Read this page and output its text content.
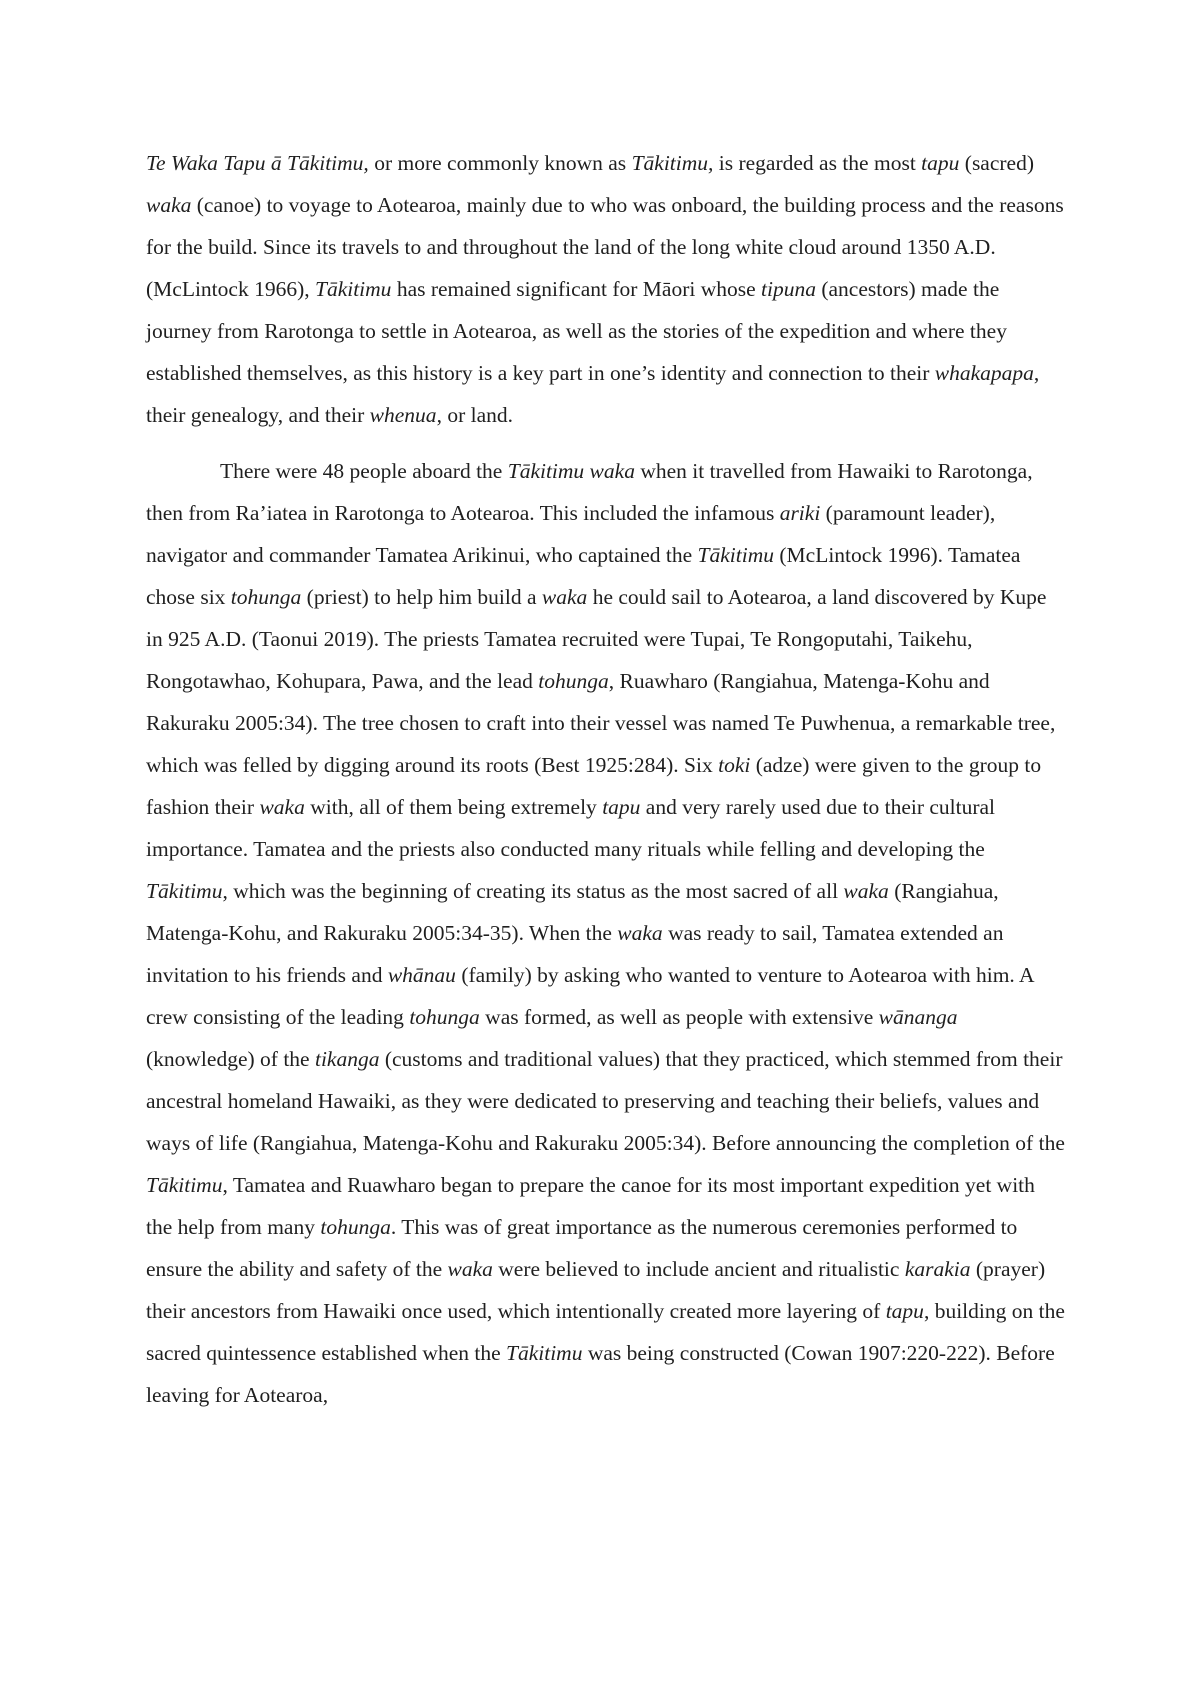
Te Waka Tapu ā Tākitimu, or more commonly known as Tākitimu, is regarded as the most tapu (sacred) waka (canoe) to voyage to Aotearoa, mainly due to who was onboard, the building process and the reasons for the build. Since its travels to and throughout the land of the long white cloud around 1350 A.D. (McLintock 1966), Tākitimu has remained significant for Māori whose tipuna (ancestors) made the journey from Rarotonga to settle in Aotearoa, as well as the stories of the expedition and where they established themselves, as this history is a key part in one’s identity and connection to their whakapapa, their genealogy, and their whenua, or land.

There were 48 people aboard the Tākitimu waka when it travelled from Hawaiki to Rarotonga, then from Ra’iatea in Rarotonga to Aotearoa. This included the infamous ariki (paramount leader), navigator and commander Tamatea Arikinui, who captained the Tākitimu (McLintock 1996). Tamatea chose six tohunga (priest) to help him build a waka he could sail to Aotearoa, a land discovered by Kupe in 925 A.D. (Taonui 2019). The priests Tamatea recruited were Tupai, Te Rongoputahi, Taikehu, Rongotawhao, Kohupara, Pawa, and the lead tohunga, Ruawharo (Rangiahua, Matenga-Kohu and Rakuraku 2005:34). The tree chosen to craft into their vessel was named Te Puwhenua, a remarkable tree, which was felled by digging around its roots (Best 1925:284). Six toki (adze) were given to the group to fashion their waka with, all of them being extremely tapu and very rarely used due to their cultural importance. Tamatea and the priests also conducted many rituals while felling and developing the Tākitimu, which was the beginning of creating its status as the most sacred of all waka (Rangiahua, Matenga-Kohu, and Rakuraku 2005:34-35). When the waka was ready to sail, Tamatea extended an invitation to his friends and whānau (family) by asking who wanted to venture to Aotearoa with him. A crew consisting of the leading tohunga was formed, as well as people with extensive wānanga (knowledge) of the tikanga (customs and traditional values) that they practiced, which stemmed from their ancestral homeland Hawaiki, as they were dedicated to preserving and teaching their beliefs, values and ways of life (Rangiahua, Matenga-Kohu and Rakuraku 2005:34). Before announcing the completion of the Tākitimu, Tamatea and Ruawharo began to prepare the canoe for its most important expedition yet with the help from many tohunga. This was of great importance as the numerous ceremonies performed to ensure the ability and safety of the waka were believed to include ancient and ritualistic karakia (prayer) their ancestors from Hawaiki once used, which intentionally created more layering of tapu, building on the sacred quintessence established when the Tākitimu was being constructed (Cowan 1907:220-222). Before leaving for Aotearoa,
